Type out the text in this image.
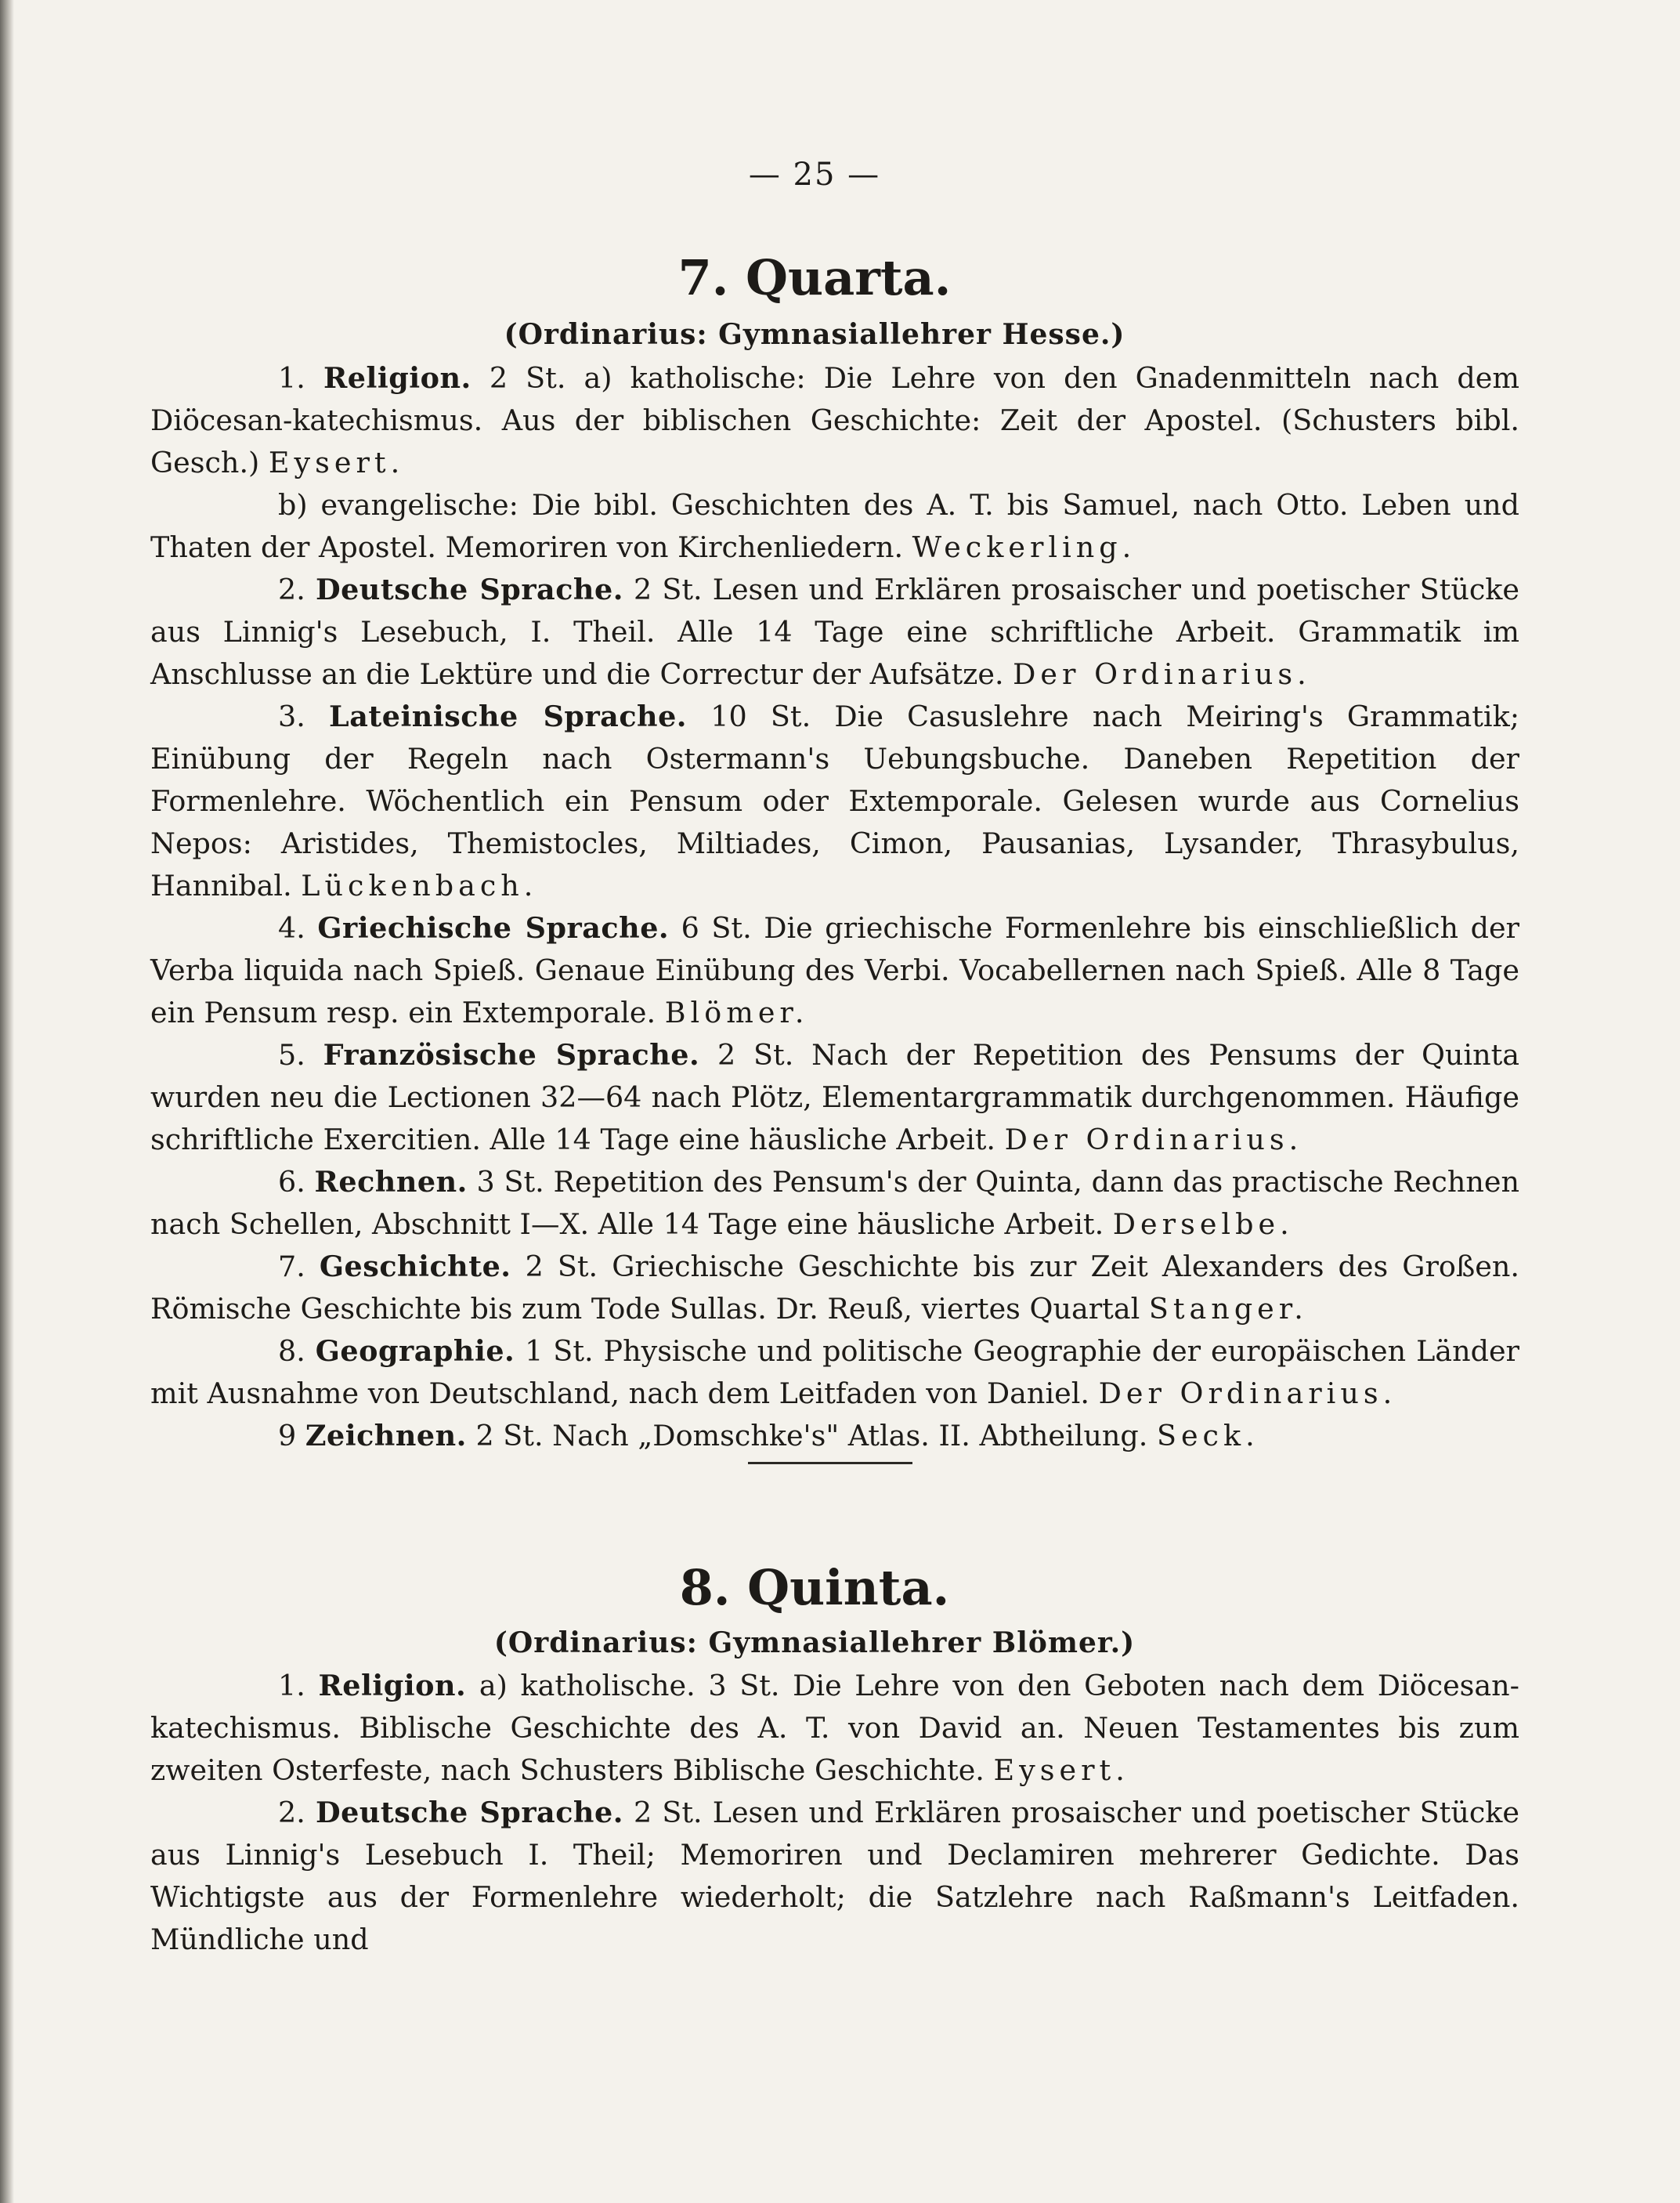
— 25 —
7. Quarta.
(Ordinarius: Gymnasiallehrer Hesse.)

1. Religion. 2 St. a) katholische: Die Lehre von den Gnadenmitteln nach dem Diöcesan-katechismus. Aus der biblischen Geschichte: Zeit der Apostel. (Schusters bibl. Gesch.) Eysert.

b) evangelische: Die bibl. Geschichten des A. T. bis Samuel, nach Otto. Leben und Thaten der Apostel. Memoriren von Kirchenliedern. Weckerling.

2. Deutsche Sprache. 2 St. Lesen und Erklären prosaischer und poetischer Stücke aus Linnig's Lesebuch, I. Theil. Alle 14 Tage eine schriftliche Arbeit. Grammatik im Anschlusse an die Lektüre und die Correctur der Aufsätze. Der Ordinarius.

3. Lateinische Sprache. 10 St. Die Casuslehre nach Meiring's Grammatik; Einübung der Regeln nach Ostermann's Uebungsbuche. Daneben Repetition der Formenlehre. Wöchentlich ein Pensum oder Extemporale. Gelesen wurde aus Cornelius Nepos: Aristides, Themistocles, Miltiades, Cimon, Pausanias, Lysander, Thrasybulus, Hannibal. Lückenbach.

4. Griechische Sprache. 6 St. Die griechische Formenlehre bis einschließlich der Verba liquida nach Spieß. Genaue Einübung des Verbi. Vocabellernen nach Spieß. Alle 8 Tage ein Pensum resp. ein Extemporale. Blömer.

5. Französische Sprache. 2 St. Nach der Repetition des Pensums der Quinta wurden neu die Lectionen 32—64 nach Plötz, Elementargrammatik durchgenommen. Häufige schriftliche Exercitien. Alle 14 Tage eine häusliche Arbeit. Der Ordinarius.

6. Rechnen. 3 St. Repetition des Pensum's der Quinta, dann das practische Rechnen nach Schellen, Abschnitt I—X. Alle 14 Tage eine häusliche Arbeit. Derselbe.

7. Geschichte. 2 St. Griechische Geschichte bis zur Zeit Alexanders des Großen. Römische Geschichte bis zum Tode Sullas. Dr. Reuß, viertes Quartal Stanger.

8. Geographie. 1 St. Physische und politische Geographie der europäischen Länder mit Ausnahme von Deutschland, nach dem Leitfaden von Daniel. Der Ordinarius.

9 Zeichnen. 2 St. Nach „Domschke's" Atlas. II. Abtheilung. Seck.

8. Quinta.
(Ordinarius: Gymnasiallehrer Blömer.)

1. Religion. a) katholische. 3 St. Die Lehre von den Geboten nach dem Diöcesan-katechismus. Biblische Geschichte des A. T. von David an. Neuen Testamentes bis zum zweiten Osterfeste, nach Schusters Biblische Geschichte. Eysert.

2. Deutsche Sprache. 2 St. Lesen und Erklären prosaischer und poetischer Stücke aus Linnig's Lesebuch I. Theil; Memoriren und Declamiren mehrerer Gedichte. Das Wichtigste aus der Formenlehre wiederholt; die Satzlehre nach Raßmann's Leitfaden. Mündliche und
